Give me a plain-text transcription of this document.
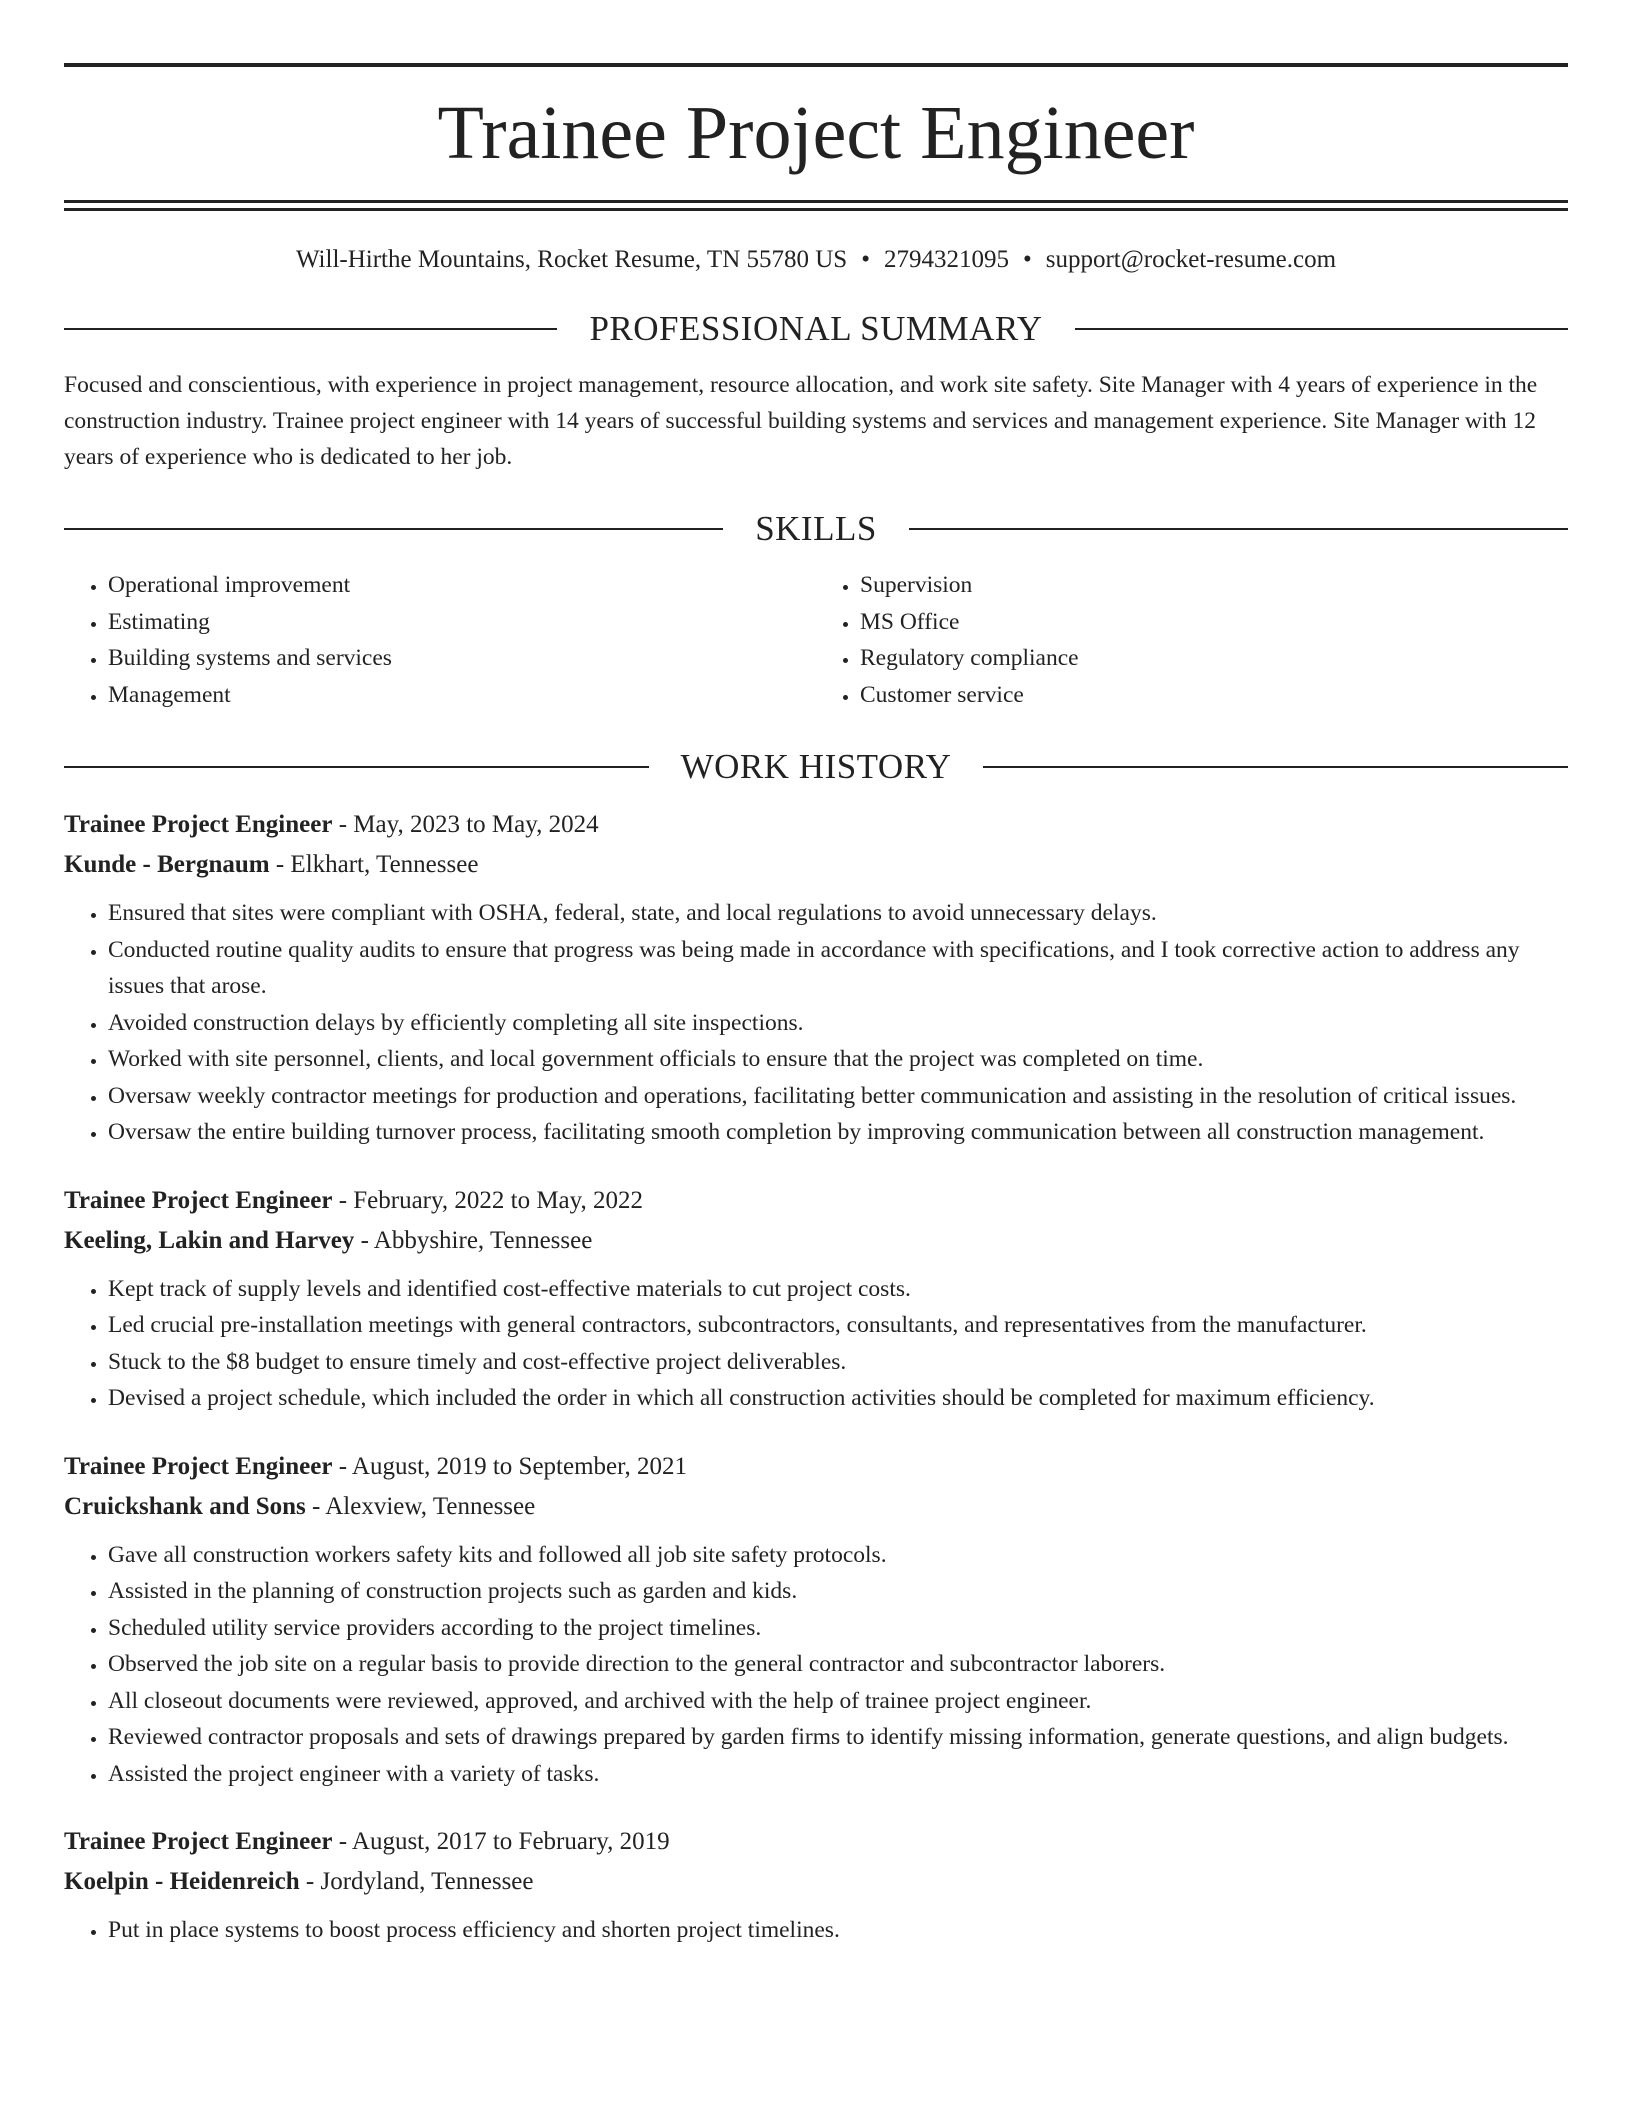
Trainee Project Engineer
Will-Hirthe Mountains, Rocket Resume, TN 55780 US • 2794321095 • support@rocket-resume.com
PROFESSIONAL SUMMARY

Focused and conscientious, with experience in project management, resource allocation, and work site safety. Site Manager with 4 years of experience in the construction industry. Trainee project engineer with 14 years of successful building systems and services and management experience. Site Manager with 12 years of experience who is dedicated to her job.

SKILLS
• Operational improvement
• Estimating
• Building systems and services
• Management
• Supervision
• MS Office
• Regulatory compliance
• Customer service
WORK HISTORY
Trainee Project Engineer - May, 2023 to May, 2024
Kunde - Bergnaum - Elkhart, Tennessee
• Ensured that sites were compliant with OSHA, federal, state, and local regulations to avoid unnecessary delays.
• Conducted routine quality audits to ensure that progress was being made in accordance with specifications, and I took corrective action to address any issues that arose.
• Avoided construction delays by efficiently completing all site inspections.
• Worked with site personnel, clients, and local government officials to ensure that the project was completed on time.
• Oversaw weekly contractor meetings for production and operations, facilitating better communication and assisting in the resolution of critical issues.
• Oversaw the entire building turnover process, facilitating smooth completion by improving communication between all construction management.
Trainee Project Engineer - February, 2022 to May, 2022
Keeling, Lakin and Harvey - Abbyshire, Tennessee
• Kept track of supply levels and identified cost-effective materials to cut project costs.
• Led crucial pre-installation meetings with general contractors, subcontractors, consultants, and representatives from the manufacturer.
• Stuck to the $8 budget to ensure timely and cost-effective project deliverables.
• Devised a project schedule, which included the order in which all construction activities should be completed for maximum efficiency.
Trainee Project Engineer - August, 2019 to September, 2021
Cruickshank and Sons - Alexview, Tennessee
• Gave all construction workers safety kits and followed all job site safety protocols.
• Assisted in the planning of construction projects such as garden and kids.
• Scheduled utility service providers according to the project timelines.
• Observed the job site on a regular basis to provide direction to the general contractor and subcontractor laborers.
• All closeout documents were reviewed, approved, and archived with the help of trainee project engineer.
• Reviewed contractor proposals and sets of drawings prepared by garden firms to identify missing information, generate questions, and align budgets.
• Assisted the project engineer with a variety of tasks.
Trainee Project Engineer - August, 2017 to February, 2019
Koelpin - Heidenreich - Jordyland, Tennessee
• Put in place systems to boost process efficiency and shorten project timelines.
